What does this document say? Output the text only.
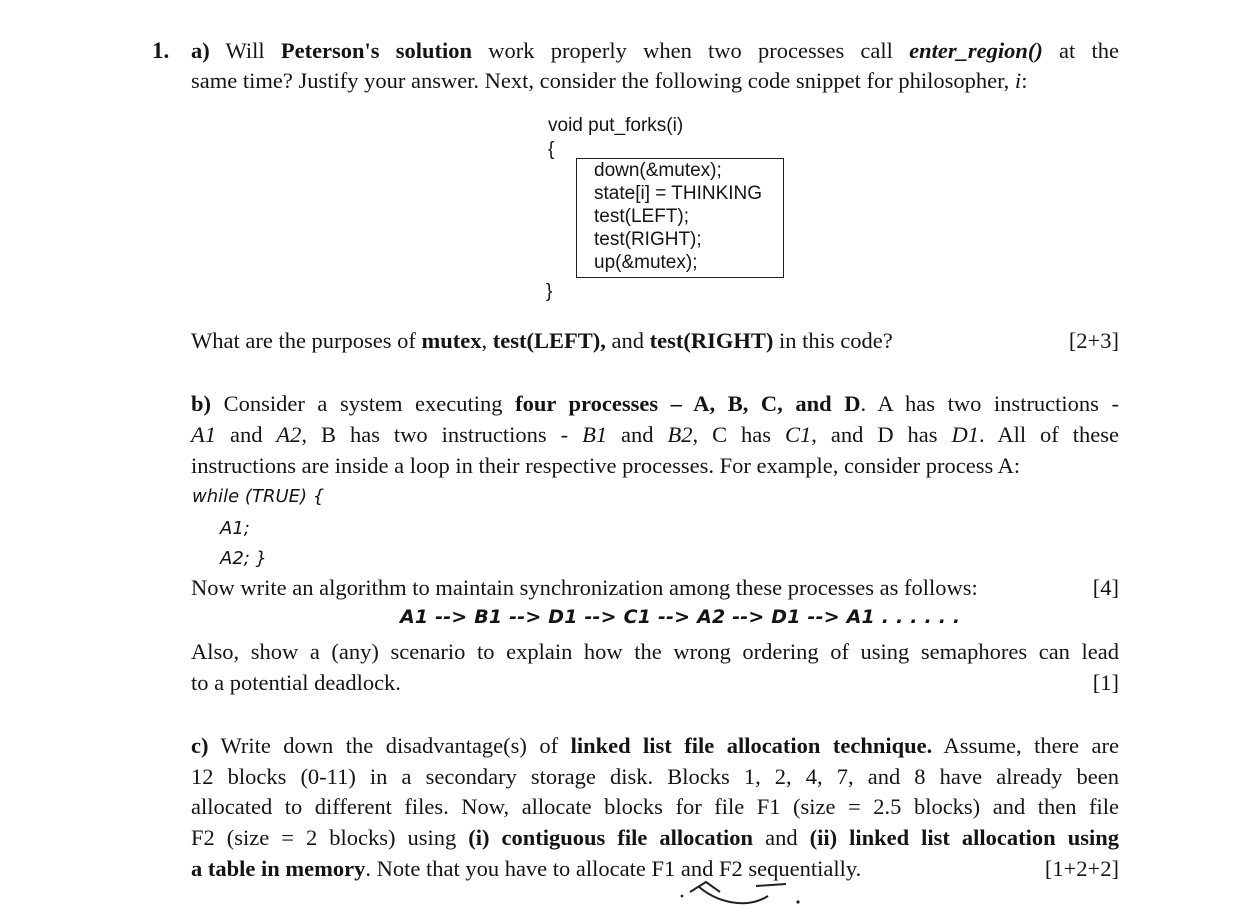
1. a) Will Peterson's solution work properly when two processes call enter_region() at the
same time? Justify your answer. Next, consider the following code snippet for philosopher, i:
void put_forks(i)
{
down(&mutex);
state[i] = THINKING
test(LEFT);
test(RIGHT);
up(&mutex);
}
What are the purposes of mutex, test(LEFT), and test(RIGHT) in this code?	[2+3]
b) Consider a system executing four processes – A, B, C, and D. A has two instructions -
A1 and A2, B has two instructions - B1 and B2, C has C1, and D has D1. All of these
instructions are inside a loop in their respective processes. For example, consider process A:
while (TRUE) {
A1;
A2; }
Now write an algorithm to maintain synchronization among these processes as follows:	[4]
A1 --> B1 --> D1 --> C1 --> A2 --> D1 --> A1 . . . . . .
Also, show a (any) scenario to explain how the wrong ordering of using semaphores can lead
to a potential deadlock.	[1]
c) Write down the disadvantage(s) of linked list file allocation technique. Assume, there are
12 blocks (0-11) in a secondary storage disk. Blocks 1, 2, 4, 7, and 8 have already been
allocated to different files. Now, allocate blocks for file F1 (size = 2.5 blocks) and then file
F2 (size = 2 blocks) using (i) contiguous file allocation and (ii) linked list allocation using
a table in memory. Note that you have to allocate F1 and F2 sequentially.	[1+2+2]
